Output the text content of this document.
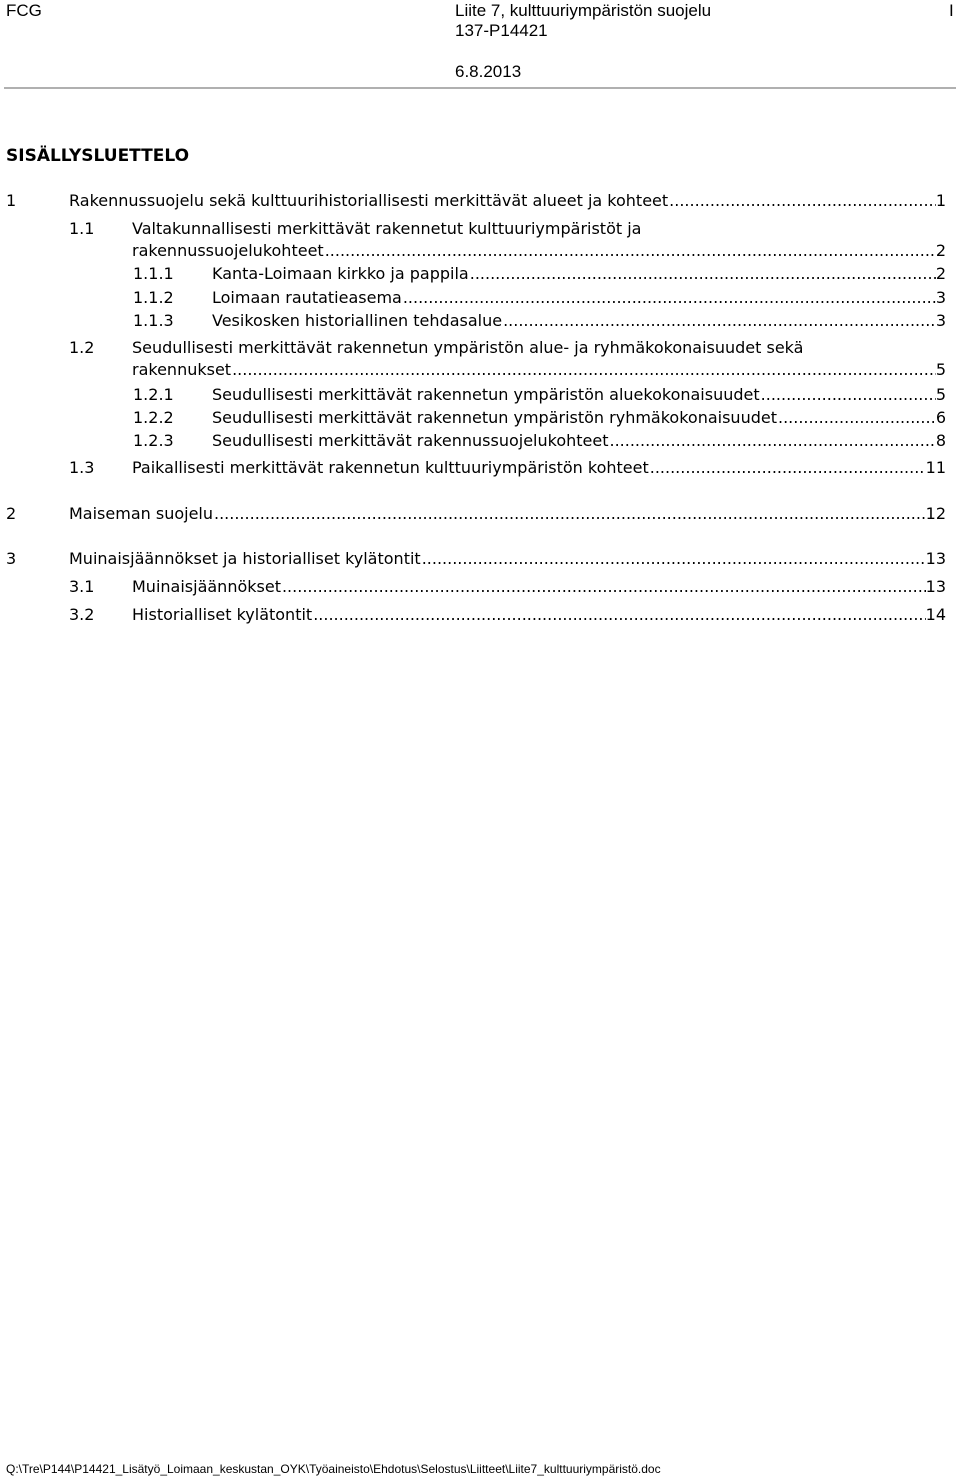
FCG	Liite 7, kulttuuriympäristön suojelu
137-P14421
I
6.8.2013
SISÄLLYSLUETTELO
1	Rakennussuojelu sekä kulttuurihistoriallisesti merkittävät alueet ja kohteet .....	1
1.1 Valtakunnallisesti merkittävät rakennetut kulttuuriympäristöt ja
rakennussuojelukohteet .....	2
1.1.1 Kanta-Loimaan kirkko ja pappila .....	2
1.1.2 Loimaan rautatieasema .....	3
1.1.3 Vesikosken historiallinen tehdasalue .....	3
1.2 Seudullisesti merkittävät rakennetun ympäristön alue- ja ryhmäkokonaisuudet sekä
rakennukset .....	5
1.2.1 Seudullisesti merkittävät rakennetun ympäristön aluekokonaisuudet .....	5
1.2.2 Seudullisesti merkittävät rakennetun ympäristön ryhmäkokonaisuudet .....	6
1.2.3 Seudullisesti merkittävät rakennussuojelukohteet .....	8
1.3 Paikallisesti merkittävät rakennetun kulttuuriympäristön kohteet .....	11
2	Maiseman suojelu .....	12
3	Muinaisjäännökset ja historialliset kylätontit .....	13
3.1 Muinaisjäännökset .....	13
3.2 Historialliset kylätontit .....	14
Q:\Tre\P144\P14421_Lisätyö_Loimaan_keskustan_OYK\Työaineisto\Ehdotus\Selostus\Liitteet\Liite7_kulttuuriympäristö.doc
